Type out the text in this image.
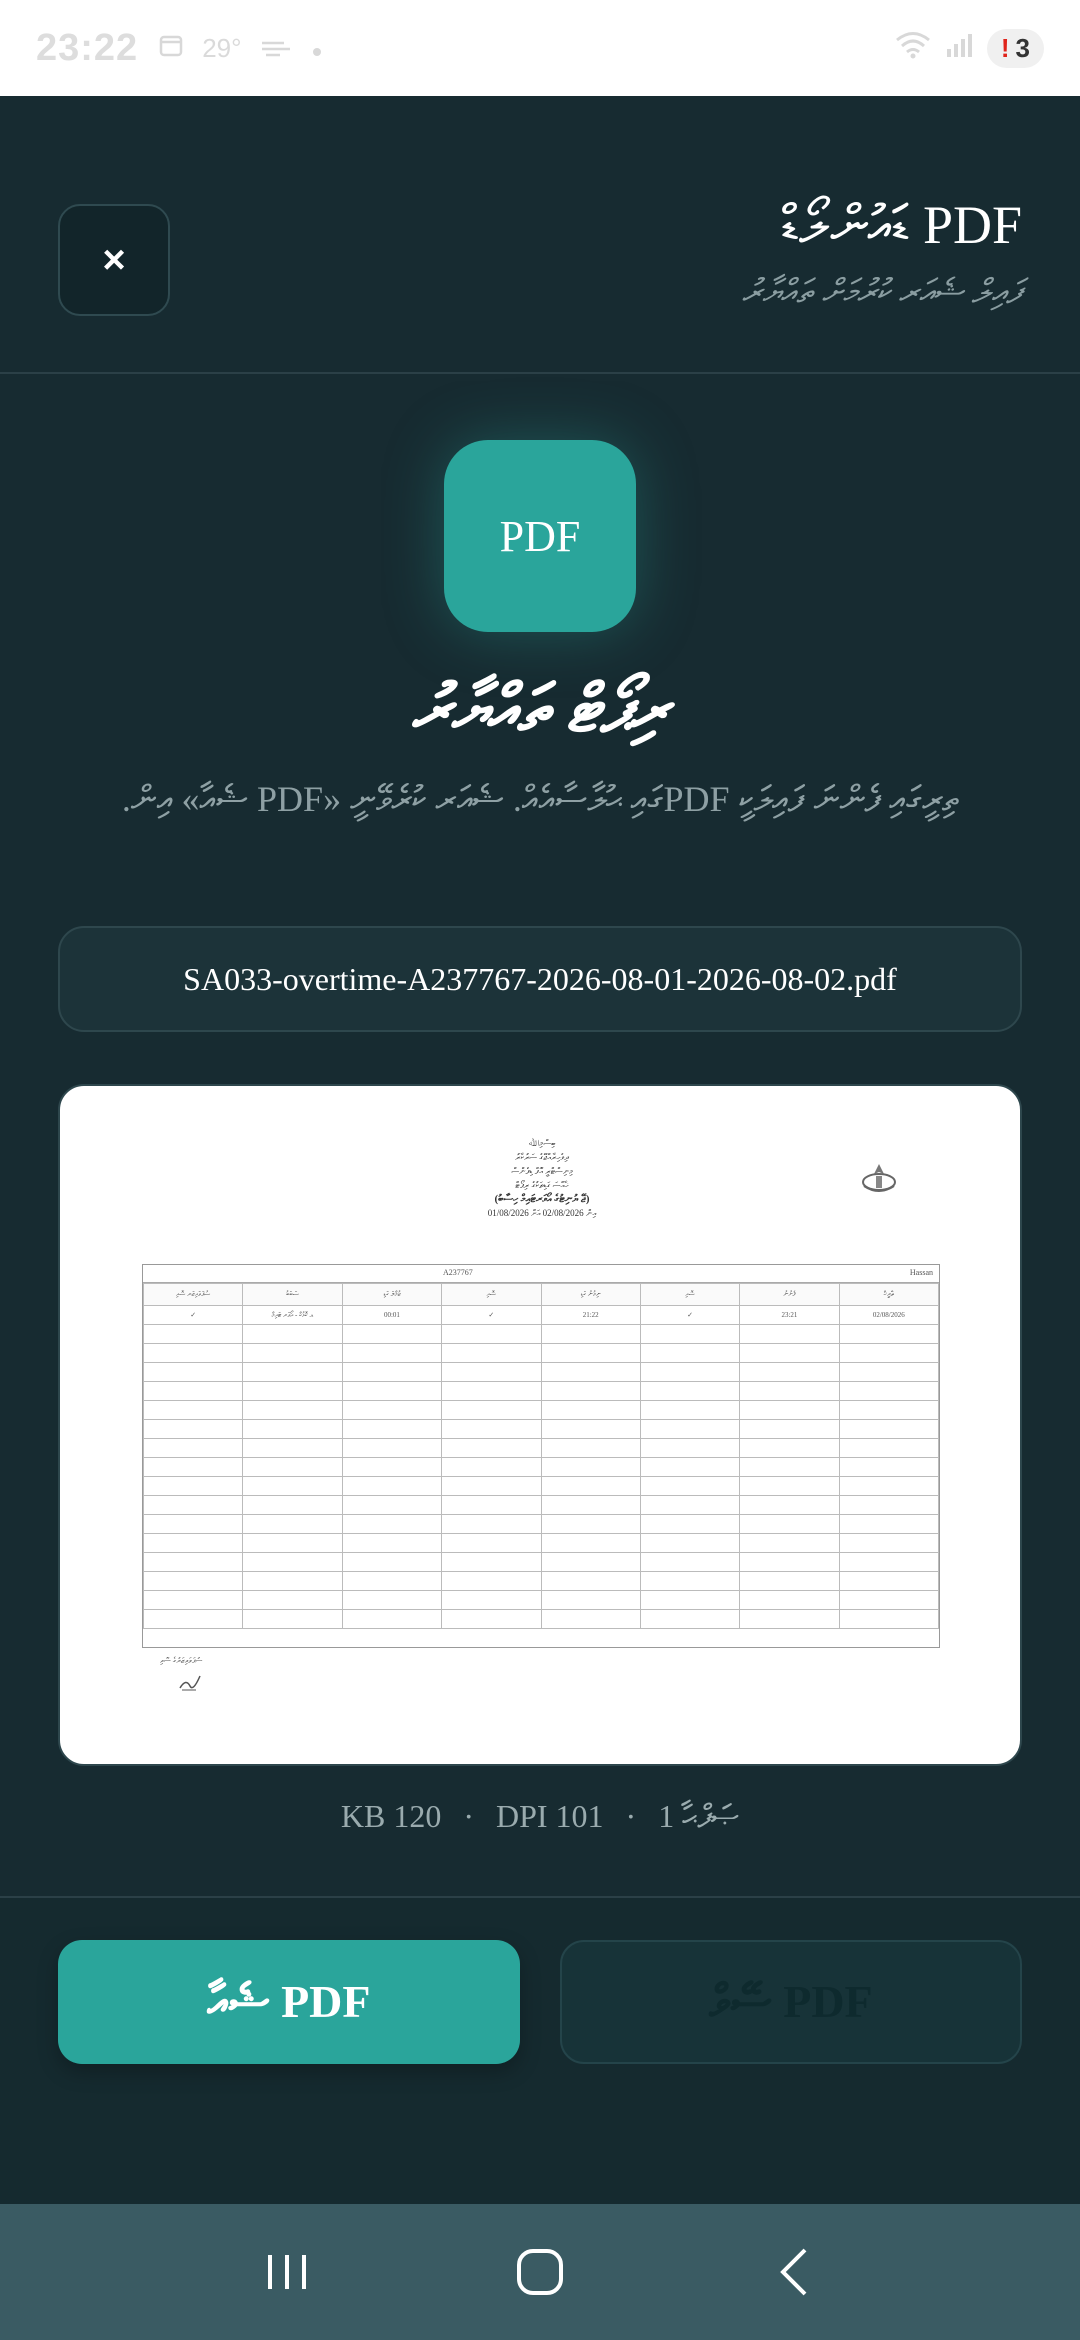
23:22 29°	! 3
×
PDF ޑައުންލޯޑް
ފައިލް ޝެއަރ ކުރުމަށް ތައްޔާރު
PDF
ރިޕޯޓް ތައްޔާރު
ތިރީގައި ފެންނަ ފައިލަކީ PDFގައި ޙުލާސާއެއް. ޝެއަރ ކުރެވޭނީ «PDF ޝެއާ» އިން.
SA033-overtime-A237767-2026-08-01-2026-08-02.pdf
ބިސްމިﷲ
ދިވެހިރާއްޖޭގެ ސަރުކާރު
މިނިސްޓްރީ އޮފް ޑިފެންސް
ޚާއްސަ ގަޑިތަކުގެ ރިޕޯޓް
(ޖޭ ޔުނިޓުގެ އޯވަރޓައިމް ހިސާބު)
01/08/2026 އިން 02/08/2026 އަށް
Hassan
A237767
ތާރީޚް	ފެށުނު	ސޮއި	ނިމުނު ގަޑި	ސޮއި	ޖުމްލަ ގަޑި	ސަބަބު	ސުޕަވައިޒަރ ސޮއި
02/08/2026	23:21	✓	21:22	✓	00:01	ޑ. ކޮޅުކް - އޯވަރ ޓައިމް	✓

ސުޕަވައިޒަރުގެ ސޮއި
KB 120 · DPI 101 · 1 ޞަފްޙާ
PDF ޝެއާ	PDF ސޭވް
